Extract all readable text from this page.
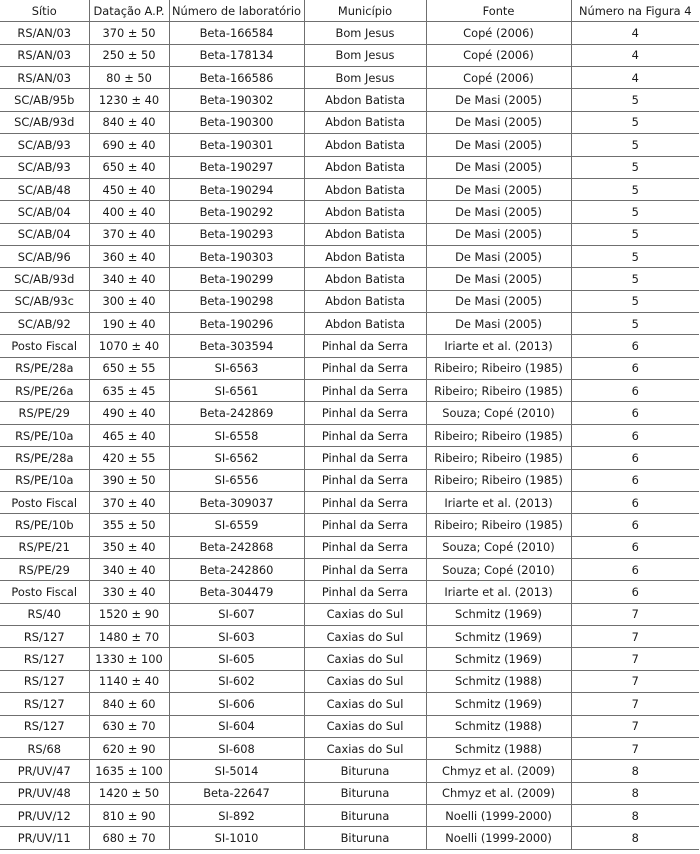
Sítio	Datação A.P.	Número de laboratório	Município	Fonte	Número na Figura 4
RS/AN/03	370 ± 50	Beta-166584	Bom Jesus	Copé (2006)	4
RS/AN/03	250 ± 50	Beta-178134	Bom Jesus	Copé (2006)	4
RS/AN/03	80 ± 50	Beta-166586	Bom Jesus	Copé (2006)	4
SC/AB/95b	1230 ± 40	Beta-190302	Abdon Batista	De Masi (2005)	5
SC/AB/93d	840 ± 40	Beta-190300	Abdon Batista	De Masi (2005)	5
SC/AB/93	690 ± 40	Beta-190301	Abdon Batista	De Masi (2005)	5
SC/AB/93	650 ± 40	Beta-190297	Abdon Batista	De Masi (2005)	5
SC/AB/48	450 ± 40	Beta-190294	Abdon Batista	De Masi (2005)	5
SC/AB/04	400 ± 40	Beta-190292	Abdon Batista	De Masi (2005)	5
SC/AB/04	370 ± 40	Beta-190293	Abdon Batista	De Masi (2005)	5
SC/AB/96	360 ± 40	Beta-190303	Abdon Batista	De Masi (2005)	5
SC/AB/93d	340 ± 40	Beta-190299	Abdon Batista	De Masi (2005)	5
SC/AB/93c	300 ± 40	Beta-190298	Abdon Batista	De Masi (2005)	5
SC/AB/92	190 ± 40	Beta-190296	Abdon Batista	De Masi (2005)	5
Posto Fiscal	1070 ± 40	Beta-303594	Pinhal da Serra	Iriarte et al. (2013)	6
RS/PE/28a	650 ± 55	SI-6563	Pinhal da Serra	Ribeiro; Ribeiro (1985)	6
RS/PE/26a	635 ± 45	SI-6561	Pinhal da Serra	Ribeiro; Ribeiro (1985)	6
RS/PE/29	490 ± 40	Beta-242869	Pinhal da Serra	Souza; Copé (2010)	6
RS/PE/10a	465 ± 40	SI-6558	Pinhal da Serra	Ribeiro; Ribeiro (1985)	6
RS/PE/28a	420 ± 55	SI-6562	Pinhal da Serra	Ribeiro; Ribeiro (1985)	6
RS/PE/10a	390 ± 50	SI-6556	Pinhal da Serra	Ribeiro; Ribeiro (1985)	6
Posto Fiscal	370 ± 40	Beta-309037	Pinhal da Serra	Iriarte et al. (2013)	6
RS/PE/10b	355 ± 50	SI-6559	Pinhal da Serra	Ribeiro; Ribeiro (1985)	6
RS/PE/21	350 ± 40	Beta-242868	Pinhal da Serra	Souza; Copé (2010)	6
RS/PE/29	340 ± 40	Beta-242860	Pinhal da Serra	Souza; Copé (2010)	6
Posto Fiscal	330 ± 40	Beta-304479	Pinhal da Serra	Iriarte et al. (2013)	6
RS/40	1520 ± 90	SI-607	Caxias do Sul	Schmitz (1969)	7
RS/127	1480 ± 70	SI-603	Caxias do Sul	Schmitz (1969)	7
RS/127	1330 ± 100	SI-605	Caxias do Sul	Schmitz (1969)	7
RS/127	1140 ± 40	SI-602	Caxias do Sul	Schmitz (1988)	7
RS/127	840 ± 60	SI-606	Caxias do Sul	Schmitz (1969)	7
RS/127	630 ± 70	SI-604	Caxias do Sul	Schmitz (1988)	7
RS/68	620 ± 90	SI-608	Caxias do Sul	Schmitz (1988)	7
PR/UV/47	1635 ± 100	SI-5014	Bituruna	Chmyz et al. (2009)	8
PR/UV/48	1420 ± 50	Beta-22647	Bituruna	Chmyz et al. (2009)	8
PR/UV/12	810 ± 90	SI-892	Bituruna	Noelli (1999-2000)	8
PR/UV/11	680 ± 70	SI-1010	Bituruna	Noelli (1999-2000)	8
